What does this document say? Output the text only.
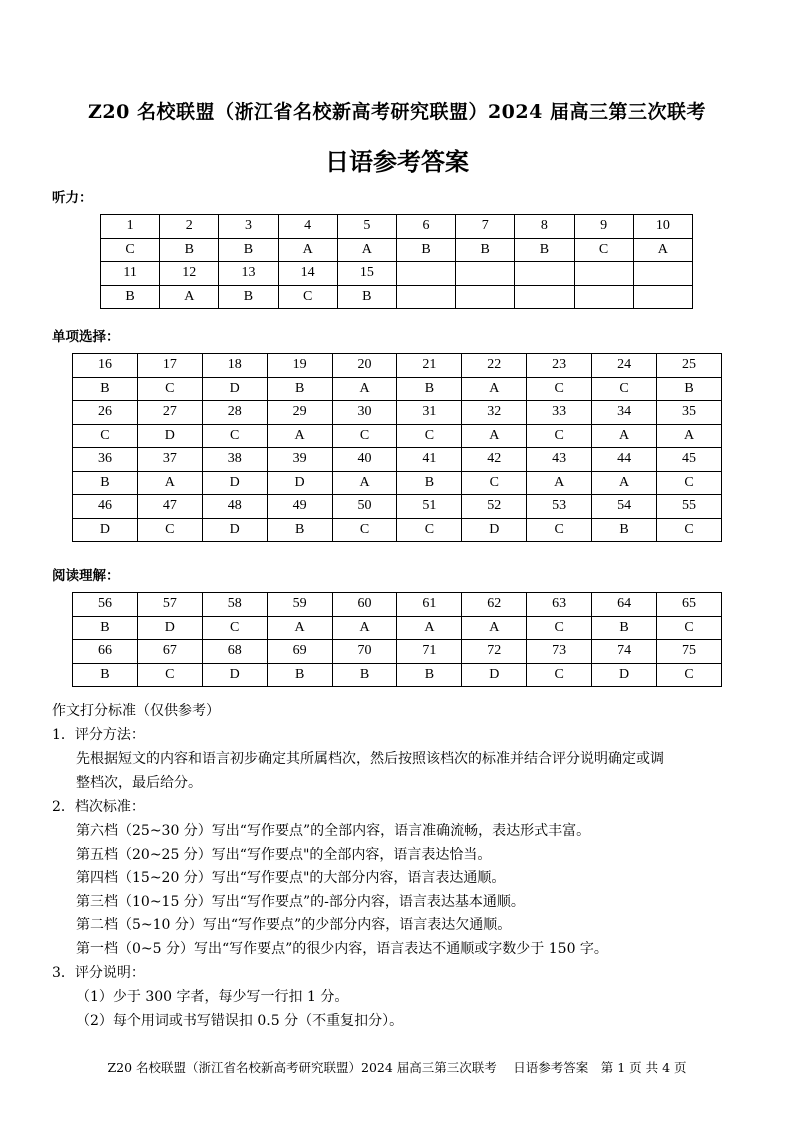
Z20 名校联盟（浙江省名校新高考研究联盟）2024 届高三第三次联考
日语参考答案
听力：
1	2	3	4	5	6	7	8	9	10
C	B	B	A	A	B	B	B	C	A
11	12	13	14	15					
B	A	B	C	B					
单项选择：
16	17	18	19	20	21	22	23	24	25
B	C	D	B	A	B	A	C	C	B
26	27	28	29	30	31	32	33	34	35
C	D	C	A	C	C	A	C	A	A
36	37	38	39	40	41	42	43	44	45
B	A	D	D	A	B	C	A	A	C
46	47	48	49	50	51	52	53	54	55
D	C	D	B	C	C	D	C	B	C
阅读理解：
56	57	58	59	60	61	62	63	64	65
B	D	C	A	A	A	A	C	B	C
66	67	68	69	70	71	72	73	74	75
B	C	D	B	B	B	D	C	D	C
作文打分标准（仅供参考）
1．评分方法：
先根据短文的内容和语言初步确定其所属档次，然后按照该档次的标准并结合评分说明确定或调
整档次，最后给分。
2．档次标准：
第六档（25~30 分）写出“写作要点”的全部内容，语言准确流畅，表达形式丰富。
第五档（20~25 分）写出“写作要点"的全部内容，语言表达恰当。
第四档（15~20 分）写出“写作要点"的大部分内容，语言表达通顺。
第三档（10~15 分）写出“写作要点”的-部分内容，语言表达基本通顺。
第二档（5~10 分）写出“写作要点”的少部分内容，语言表达欠通顺。
第一档（0~5 分）写出“写作要点”的很少内容，语言表达不通顺或字数少于 150 字。
3．评分说明：
（1）少于 300 字者，每少写一行扣 1 分。
（2）每个用词或书写错误扣 0.5 分（不重复扣分）。
Z20 名校联盟（浙江省名校新高考研究联盟）2024 届高三第三次联考　 日语参考答案　第 1 页 共 4 页
